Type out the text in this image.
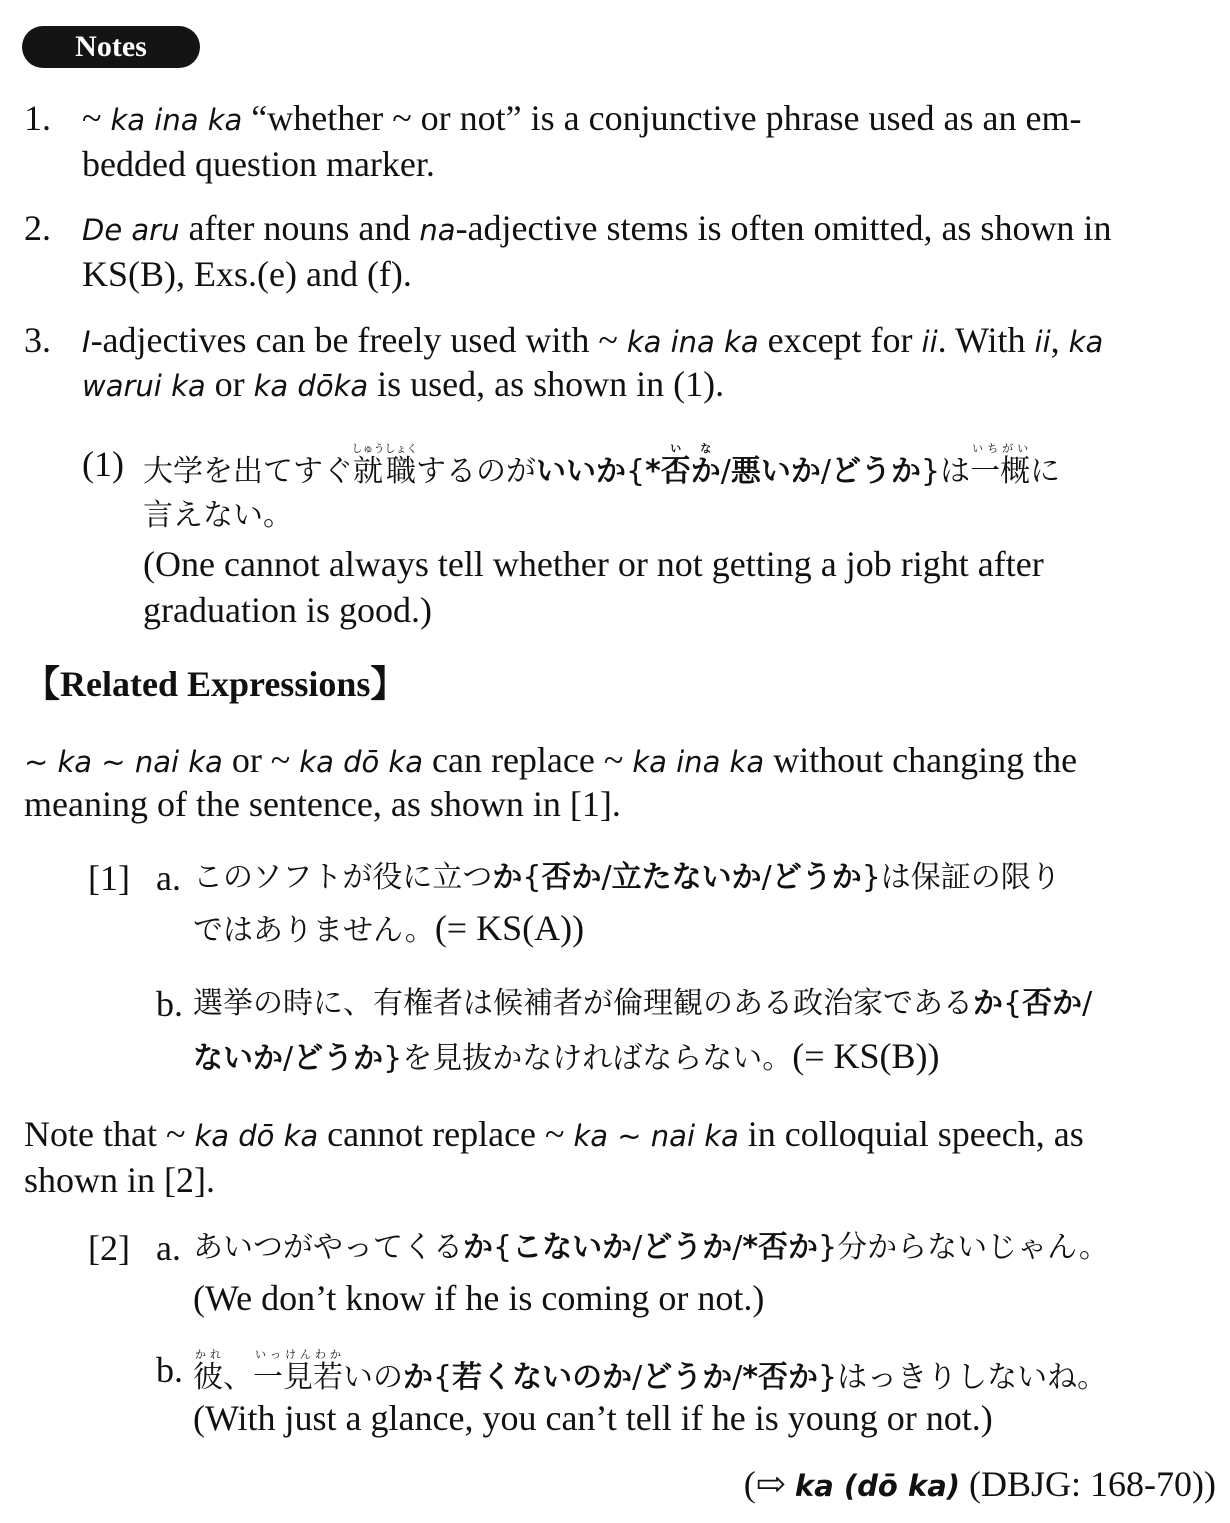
Notes
1. ~ ka ina ka “whether ~ or not” is a conjunctive phrase used as an em-
bedded question marker.
2. De aru after nouns and na-adjective stems is often omitted, as shown in
KS(B), Exs.(e) and (f).
3. I-adjectives can be freely used with ~ ka ina ka except for ii. With ii, ka
warui ka or ka dōka is used, as shown in (1).
(1) 大学を出てすぐ就職しゅうしょくするのがいいか{*否かいな/悪いか/どうか}は一概いちがいに
言えない。
(One cannot always tell whether or not getting a job right after
graduation is good.)
【Related Expressions】
~ ka ~ nai ka or ~ ka dō ka can replace ~ ka ina ka without changing the
meaning of the sentence, as shown in [1].
[1] a. このソフトが役に立つか{否か/立たないか/どうか}は保証の限り
ではありません。(= KS(A))
b. 選挙の時に、有権者は候補者が倫理観のある政治家であるか{否か/
ないか/どうか}を見抜かなければならない。(= KS(B))
Note that ~ ka dō ka cannot replace ~ ka ~ nai ka in colloquial speech, as
shown in [2].
[2] a. あいつがやってくるか{こないか/どうか/*否か}分からないじゃん。
(We don’t know if he is coming or not.)
b. 彼かれ、一見若いっけんわかいのか{若くないのか/どうか/*否か}はっきりしないね。
(With just a glance, you can’t tell if he is young or not.)
(⇨ ka (dō ka) (DBJG: 168-70))
